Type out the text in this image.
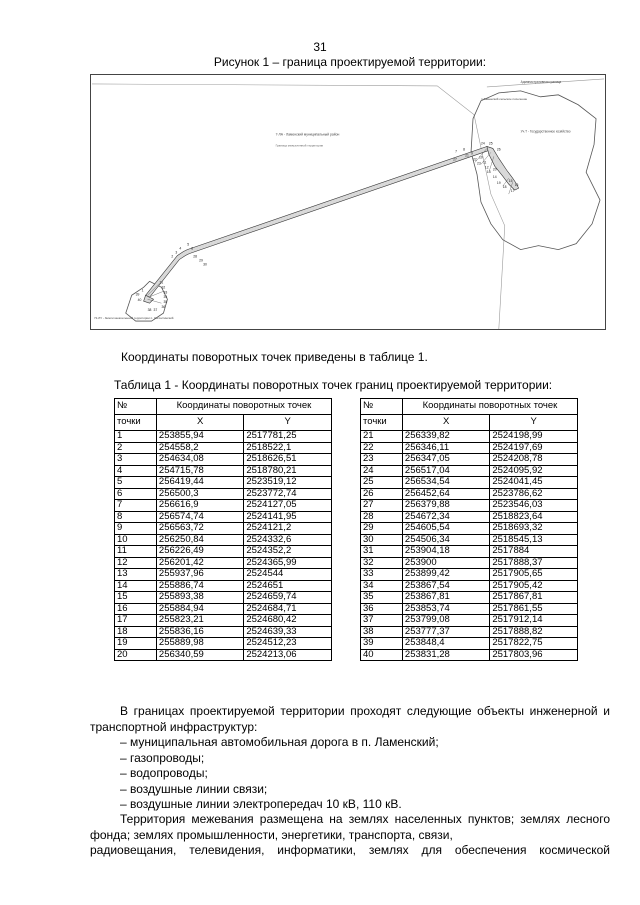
31
Рисунок 1 – граница проектируемой территории:
7-ЛА - Ламенский муниципальный район
Граница межселенной территории
Административная граница
п.Ламенский сельское поселение
Уч.Т - Государственное хозяйство
72-ЛУ - Земли межселенной территории п. Салхитинский
7 8
9
10
11
12
13
14
15
16
17
18
19
20
21
22
23
24 25
26
27
28
29
30
5
4
3
2
6
1
31
32
33
34
35
36
37
38
39
40
Координаты поворотных точек приведены в таблице 1.
Таблица 1 - Координаты поворотных точек границ проектируемой территории:
№	Координаты поворотных точек	
точки	X	Y
1	253855,94	2517781,25
2	254558,2	2518522,1
3	254634,08	2518626,51
4	254715,78	2518780,21
5	256419,44	2523519,12
6	256500,3	2523772,74
7	256616,9	2524127,05
8	256574,74	2524141,95
9	256563,72	2524121,2
10	256250,84	2524332,6
11	256226,49	2524352,2
12	256201,42	2524365,99
13	255937,96	2524544
14	255886,74	2524651
15	255893,38	2524659,74
16	255884,94	2524684,71
17	255823,21	2524680,42
18	255836,16	2524639,33
19	255889,98	2524512,23
20	256340,59	2524213,06
№	Координаты поворотных точек	
точки	X	Y
21	256339,82	2524198,99
22	256346,11	2524197,69
23	256347,05	2524208,78
24	256517,04	2524095,92
25	256534,54	2524041,45
26	256452,64	2523786,62
27	256379,88	2523546,03
28	254672,34	2518823,64
29	254605,54	2518693,32
30	254506,34	2518545,13
31	253904,18	2517884
32	253900	2517888,37
33	253899,42	2517905,65
34	253867,54	2517905,42
35	253867,81	2517867,81
36	253853,74	2517861,55
37	253799,08	2517912,14
38	253777,37	2517888,82
39	253848,4	2517822,75
40	253831,28	2517803,96
В границах проектируемой территории проходят следующие объекты инженерной и транспортной инфраструктур:
– муниципальная автомобильная дорога в п. Ламенский;
– газопроводы;
– водопроводы;
– воздушные линии связи;
– воздушные линии электропередач 10 кВ, 110 кВ.
Территория межевания размещена на землях населенных пунктов; землях лесного фонда; землях промышленности, энергетики, транспорта, связи,
радиовещания, телевидения, информатики, землях для обеспечения космической
